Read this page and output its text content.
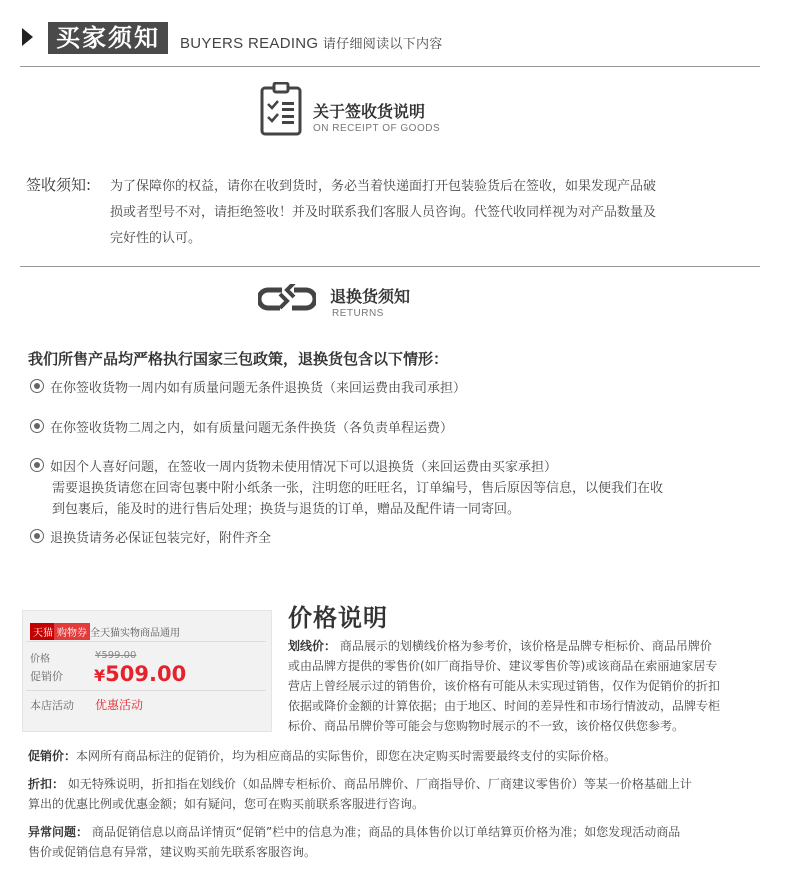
买家须知	BUYERS READING 请仔细阅读以下内容
关于签收货说明
ON RECEIPT OF GOODS
签收须知: 为了保障你的权益，请你在收到货时，务必当着快递面打开包装验货后在签收，如果发现产品破
损或者型号不对，请拒绝签收！并及时联系我们客服人员咨询。代签代收同样视为对产品数量及
完好性的认可。
退换货须知
RETURNS
我们所售产品均严格执行国家三包政策，退换货包含以下情形：
在你签收货物一周内如有质量问题无条件退换货（来回运费由我司承担）
在你签收货物二周之内，如有质量问题无条件换货（各负责单程运费）
如因个人喜好问题，在签收一周内货物未使用情况下可以退换货（来回运费由买家承担）
需要退换货请您在回寄包裹中附小纸条一张，注明您的旺旺名，订单编号，售后原因等信息，以便我们在收
到包裹后，能及时的进行售后处理；换货与退货的订单，赠品及配件请一同寄回。
退换货请务必保证包装完好，附件齐全
天猫 购物券 全天猫实物商品通用
价格	¥599.00
促销价 ¥509.00
本店活动 优惠活动
价格说明
划线价： 商品展示的划横线价格为参考价，该价格是品牌专柜标价、商品吊牌价
或由品牌方提供的零售价(如厂商指导价、建议零售价等)或该商品在索丽迪家居专
营店上曾经展示过的销售价，该价格有可能从未实现过销售，仅作为促销价的折扣
依据或降价金额的计算依据；由于地区、时间的差异性和市场行情波动，品牌专柜
标价、商品吊牌价等可能会与您购物时展示的不一致，该价格仅供您参考。
促销价：本网所有商品标注的促销价，均为相应商品的实际售价，即您在决定购买时需要最终支付的实际价格。
折扣： 如无特殊说明，折扣指在划线价（如品牌专柜标价、商品吊牌价、厂商指导价、厂商建议零售价）等某一价格基础上计
算出的优惠比例或优惠金额；如有疑问，您可在购买前联系客服进行咨询。
异常问题： 商品促销信息以商品详情页“促销”栏中的信息为准；商品的具体售价以订单结算页价格为准；如您发现活动商品
售价或促销信息有异常，建议购买前先联系客服咨询。
